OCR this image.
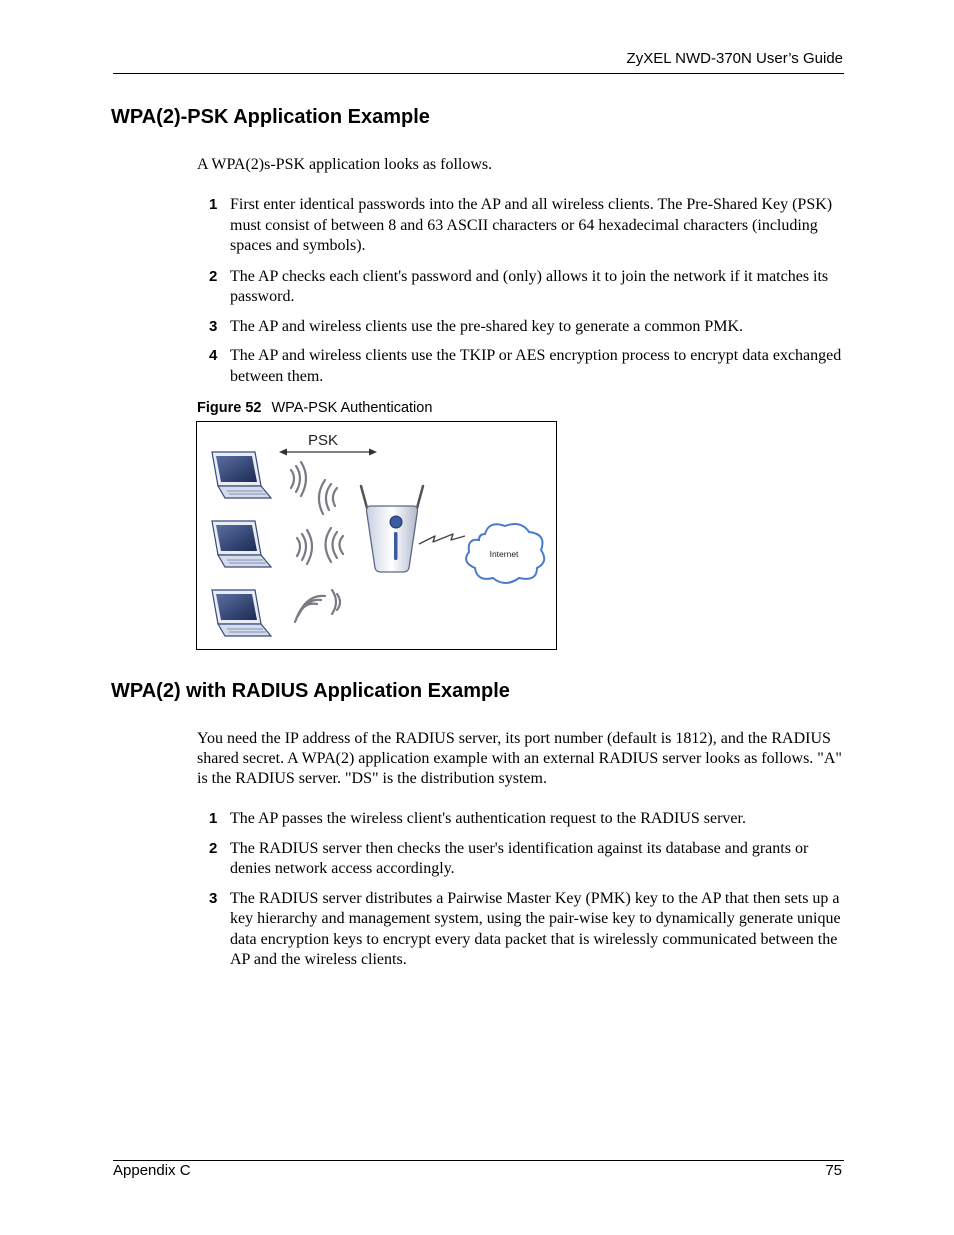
ZyXEL NWD-370N User’s Guide
WPA(2)-PSK Application Example

A WPA(2)s-PSK application looks as follows.

1 First enter identical passwords into the AP and all wireless clients. The Pre-Shared Key (PSK) must consist of between 8 and 63 ASCII characters or 64 hexadecimal characters (including spaces and symbols).
2 The AP checks each client's password and (only) allows it to join the network if it matches its password.
3 The AP and wireless clients use the pre-shared key to generate a common PMK.
4 The AP and wireless clients use the TKIP or AES encryption process to encrypt data exchanged between them.
Figure 52 WPA-PSK Authentication
PSK
Internet
WPA(2) with RADIUS Application Example

You need the IP address of the RADIUS server, its port number (default is 1812), and the RADIUS shared secret. A WPA(2) application example with an external RADIUS server looks as follows. "A" is the RADIUS server. "DS" is the distribution system.

1 The AP passes the wireless client's authentication request to the RADIUS server.
2 The RADIUS server then checks the user's identification against its database and grants or denies network access accordingly.
3 The RADIUS server distributes a Pairwise Master Key (PMK) key to the AP that then sets up a key hierarchy and management system, using the pair-wise key to dynamically generate unique data encryption keys to encrypt every data packet that is wirelessly communicated between the AP and the wireless clients.
Appendix C	75
